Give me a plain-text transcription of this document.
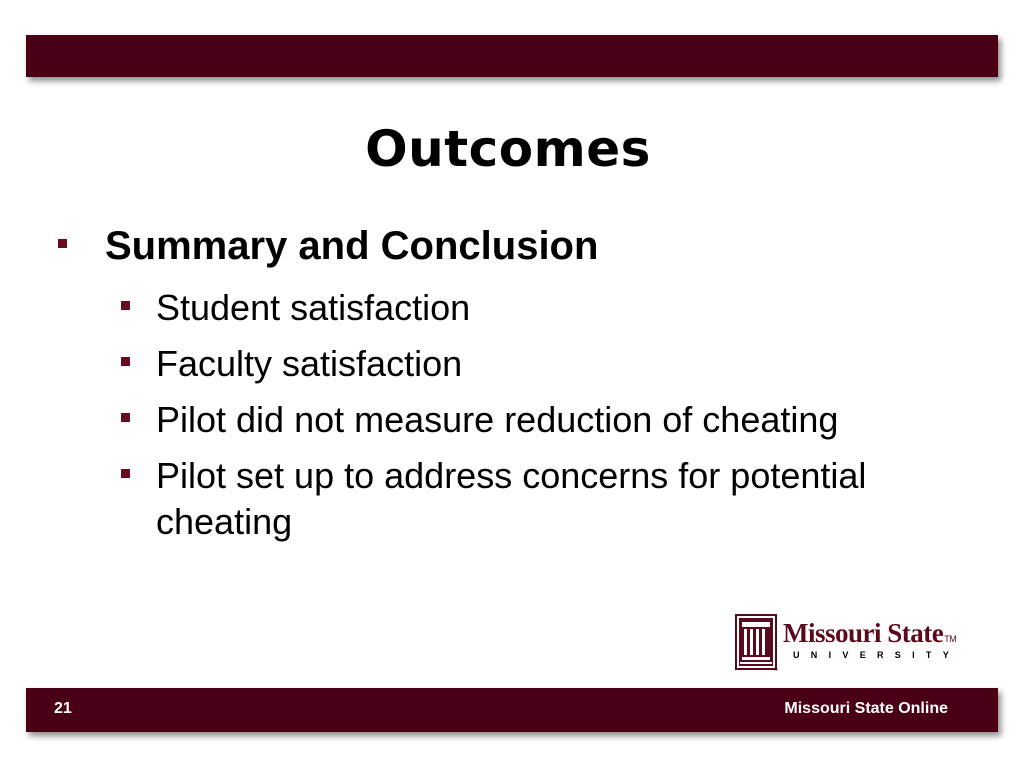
Outcomes
Summary and Conclusion
Student satisfaction
Faculty satisfaction
Pilot did not measure reduction of cheating
Pilot set up to address concerns for potential cheating
™
Missouri StateTM
UNIVERSITY
21	Missouri State Online
